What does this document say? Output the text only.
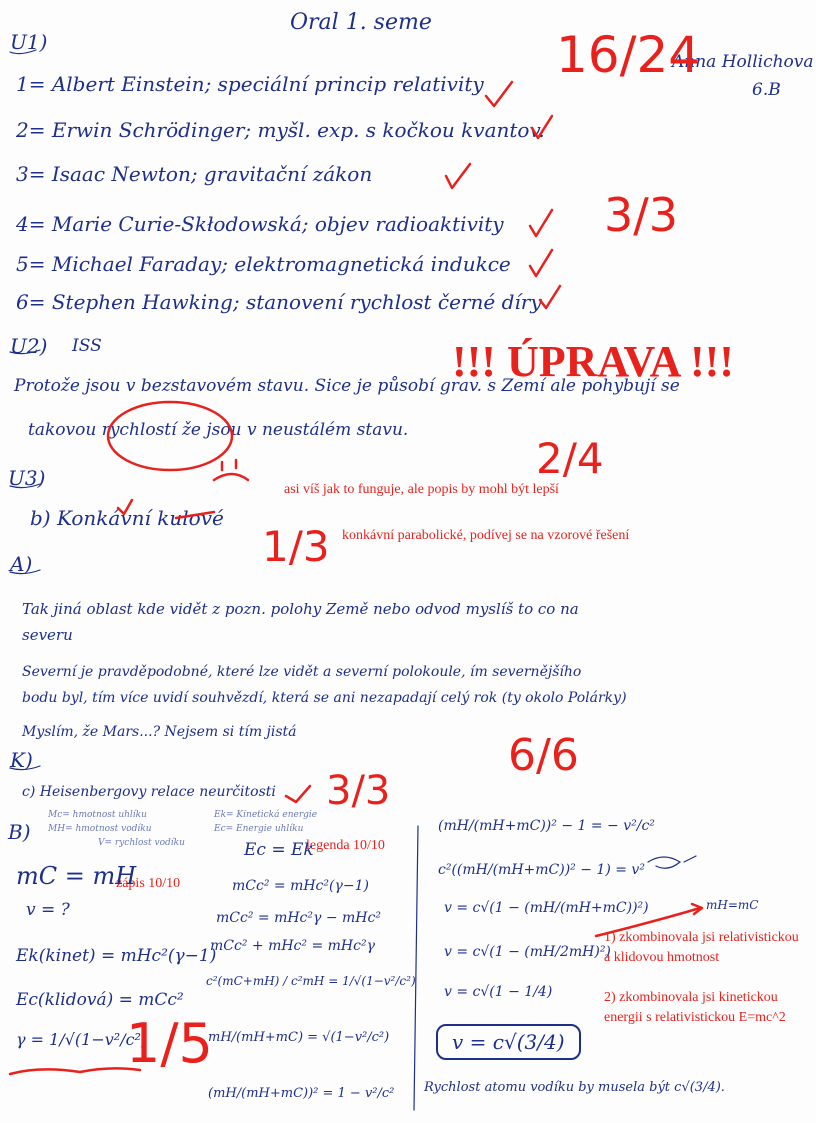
Oral 1. seme
Anna Hollichova
6.B
16/24
U1)
1= Albert Einstein; speciální princip relativity
2= Erwin Schrödinger; myšl. exp. s kočkou kvantov.
3= Isaac Newton; gravitační zákon
4= Marie Curie-Skłodowská; objev radioaktivity
5= Michael Faraday; elektromagnetická indukce
6= Stephen Hawking; stanovení rychlost černé díry
3/3
U2) ISS	!!! ÚPRAVA !!!
Protože jsou v bezstavovém stavu. Sice je působí grav. s Zemí ale pohybují se
takovou rychlostí že jsou v neustálém stavu.
2/4
asi víš jak to funguje, ale popis by mohl být lepší
U3)
b) Konkávní kulové
1/3 konkávní parabolické, podívej se na vzorové řešení
A)
Tak jiná oblast kde vidět z pozn. polohy Země nebo odvod myslíš to co na
severu
Severní je pravděpodobné, které lze vidět a severní polokoule, ím severnějšího
bodu byl, tím více uvidí souhvězdí, která se ani nezapadají celý rok (ty okolo Polárky)
Myslím, že Mars...? Nejsem si tím jistá	6/6
K)
c) Heisenbergovy relace neurčitosti 3/3
B)
Mc= hmotnost uhlíku
MH= hmotnost vodíku
V= rychlost vodíku
Ek= Kinetická energie
Ec= Energie uhlíku
legenda 10/10
zápis 10/10
mC = mH
v = ?
Ek(kinet) = mHc²(γ−1)
Ec(klidová) = mCc²
γ = 1/√(1−v²/c²)
1/5
Ec = Ek
mCc² = mHc²(γ−1)
mCc² = mHc²γ − mHc²
mCc² + mHc² = mHc²γ
c²(mC+mH) / c²mH = 1/√(1−v²/c²)
mH/(mH+mC) = √(1−v²/c²)
(mH/(mH+mC))² = 1 − v²/c²
(mH/(mH+mC))² − 1 = − v²/c²
c²((mH/(mH+mC))² − 1) = v²
v = c√(1 − (mH/(mH+mC))²)
v = c√(1 − (mH/2mH)²)
v = c√(1 − 1/4)
v = c√(3/4)
mH=mC
Rychlost atomu vodíku by musela být c√(3/4).
1) zkombinovala jsi relativistickou a klidovou hmotnost
2) zkombinovala jsi kinetickou energii s relativistickou E=mc^2
